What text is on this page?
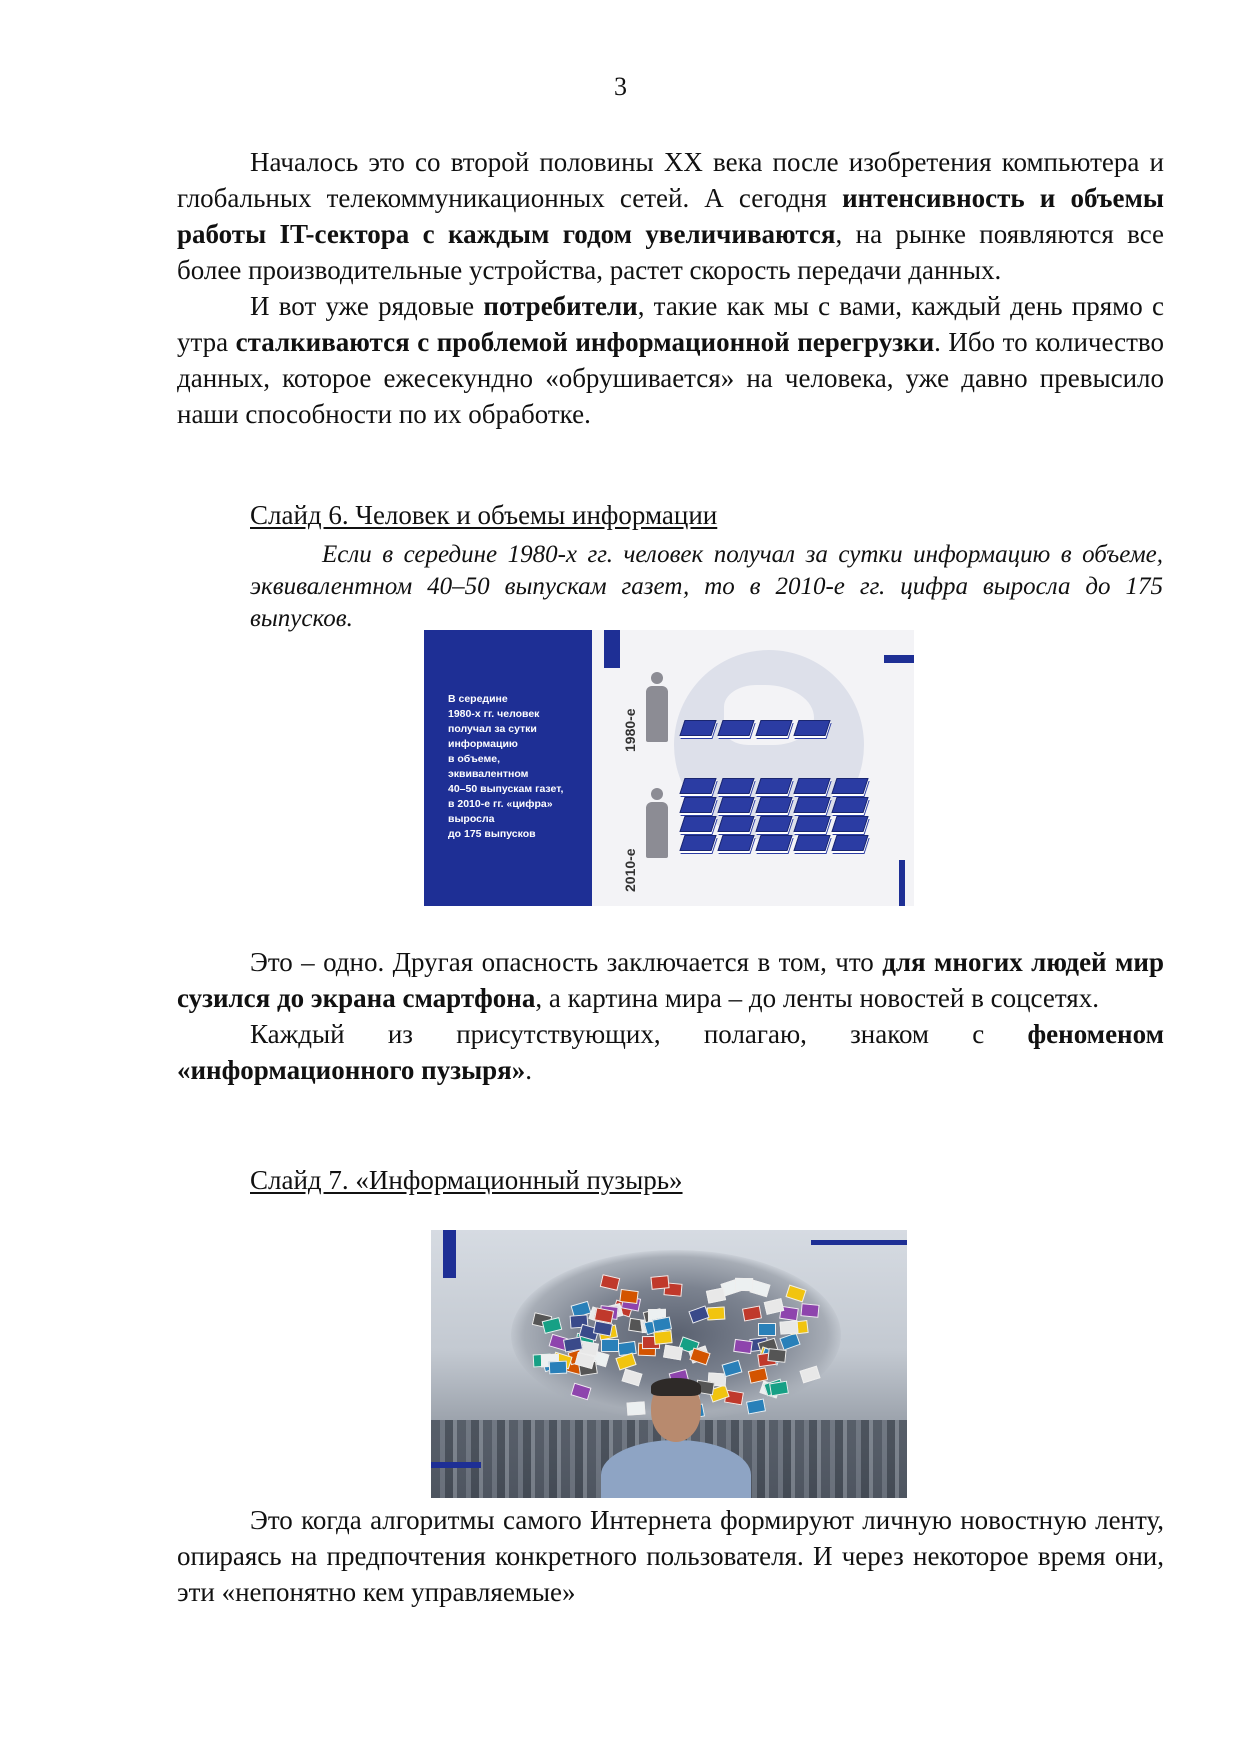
3

Началось это со второй половины XX века после изобретения компьютера и глобальных телекоммуникационных сетей. А сегодня интенсивность и объемы работы IT-сектора с каждым годом увеличиваются, на рынке появляются все более производительные устройства, растет скорость передачи данных.

И вот уже рядовые потребители, такие как мы с вами, каждый день прямо с утра сталкиваются с проблемой информационной перегрузки. Ибо то количество данных, которое ежесекундно «обрушивается» на человека, уже давно превысило наши способности по их обработке.

Слайд 6. Человек и объемы информации
Если в середине 1980-х гг. человек получал за сутки информацию в объеме, эквивалентном 40–50 выпускам газет, то в 2010-е гг. цифра выросла до 175 выпусков.
В середине
1980-х гг. человек
получал за сутки
информацию
в объеме,
эквивалентном
40–50 выпускам газет,
в 2010-е гг. «цифра»
выросла
до 175 выпусков
1980-е
2010-е

Это – одно. Другая опасность заключается в том, что для многих людей мир сузился до экрана смартфона, а картина мира – до ленты новостей в соцсетях.

Каждый из присутствующих, полагаю, знаком с феноменом «информационного пузыря».

Слайд 7. «Информационный пузырь»

Это когда алгоритмы самого Интернета формируют личную новостную ленту, опираясь на предпочтения конкретного пользователя. И через некоторое время они, эти «непонятно кем управляемые»
